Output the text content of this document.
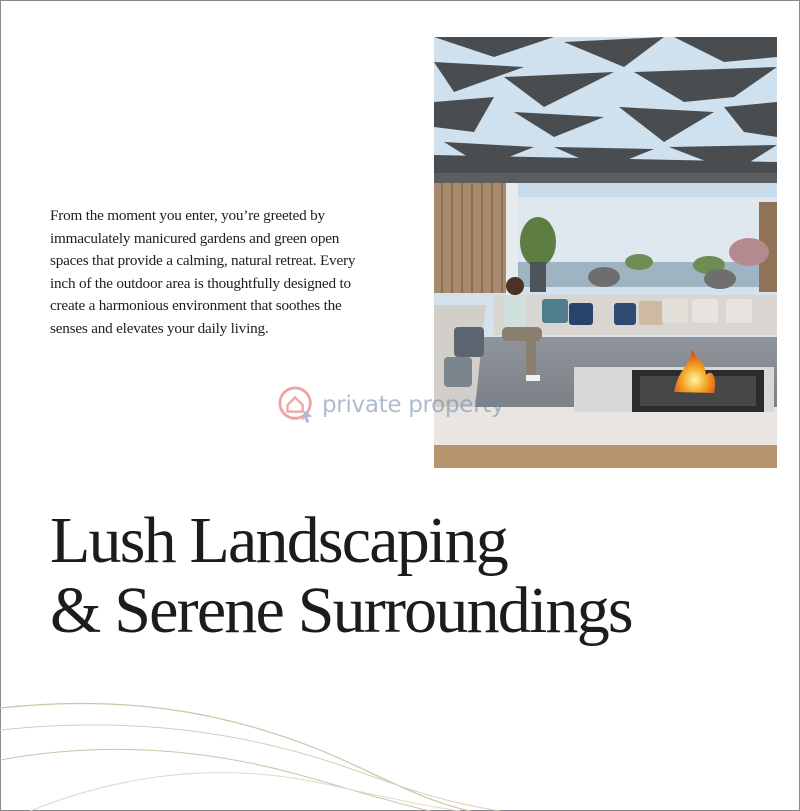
From the moment you enter, you’re greeted by immaculately manicured gardens and green open spaces that provide a calming, natural retreat. Every inch of the outdoor area is thoughtfully designed to create a harmonious environment that soothes the senses and elevates your daily living.

private property
Lush Landscaping
& Serene Surroundings
